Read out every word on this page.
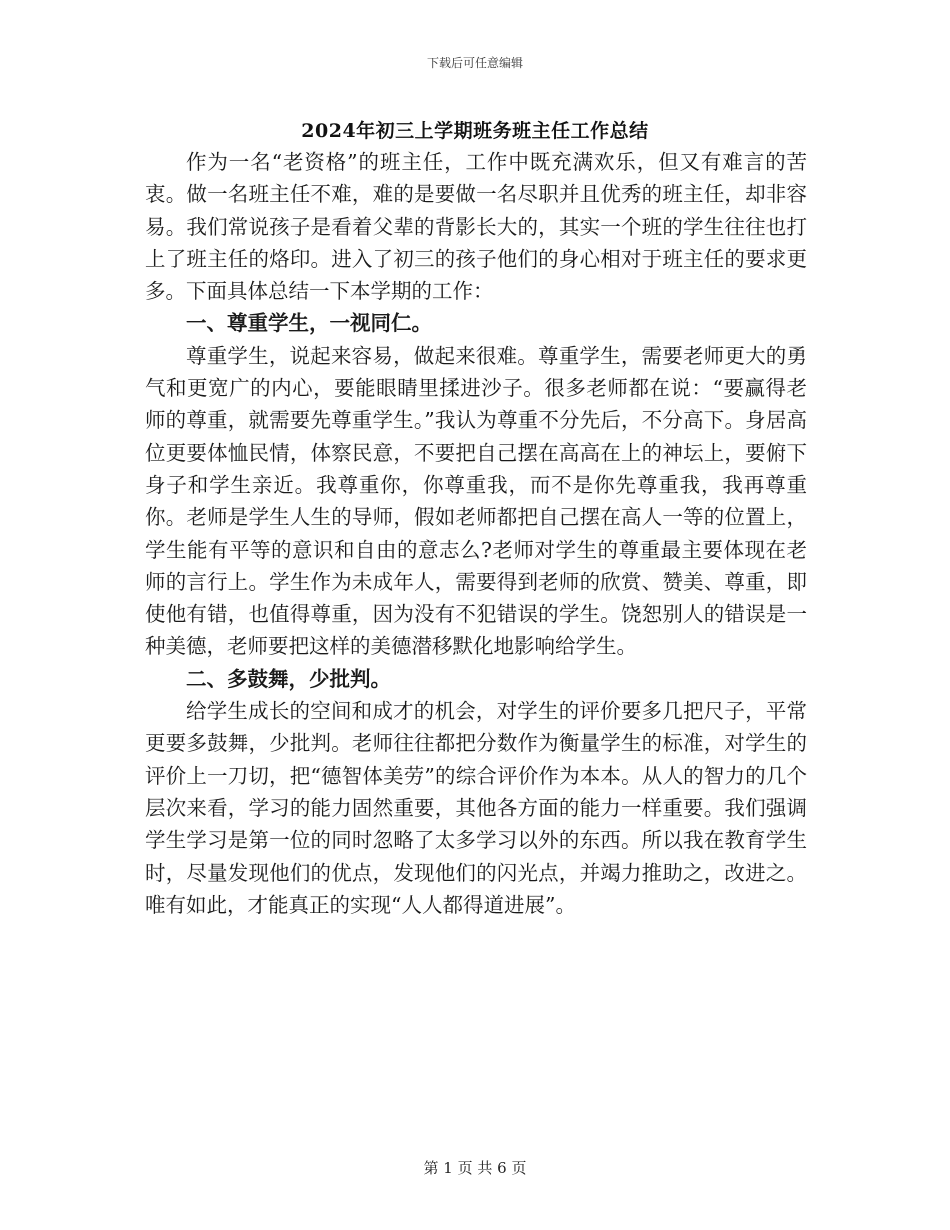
下载后可任意编辑
2024年初三上学期班务班主任工作总结

作为一名“老资格”的班主任，工作中既充满欢乐，但又有难言的苦衷。做一名班主任不难，难的是要做一名尽职并且优秀的班主任，却非容易。我们常说孩子是看着父辈的背影长大的，其实一个班的学生往往也打上了班主任的烙印。进入了初三的孩子他们的身心相对于班主任的要求更多。下面具体总结一下本学期的工作：

一、尊重学生，一视同仁。

尊重学生，说起来容易，做起来很难。尊重学生，需要老师更大的勇气和更宽广的内心，要能眼睛里揉进沙子。很多老师都在说：“要赢得老师的尊重，就需要先尊重学生。”我认为尊重不分先后，不分高下。身居高位更要体恤民情，体察民意，不要把自己摆在高高在上的神坛上，要俯下身子和学生亲近。我尊重你，你尊重我，而不是你先尊重我，我再尊重你。老师是学生人生的导师，假如老师都把自己摆在高人一等的位置上，学生能有平等的意识和自由的意志么?老师对学生的尊重最主要体现在老师的言行上。学生作为未成年人，需要得到老师的欣赏、赞美、尊重，即使他有错，也值得尊重，因为没有不犯错误的学生。饶恕别人的错误是一种美德，老师要把这样的美德潜移默化地影响给学生。

二、多鼓舞，少批判。

给学生成长的空间和成才的机会，对学生的评价要多几把尺子，平常更要多鼓舞，少批判。老师往往都把分数作为衡量学生的标准，对学生的评价上一刀切，把“德智体美劳”的综合评价作为本本。从人的智力的几个层次来看，学习的能力固然重要，其他各方面的能力一样重要。我们强调学生学习是第一位的同时忽略了太多学习以外的东西。所以我在教育学生时，尽量发现他们的优点，发现他们的闪光点，并竭力推助之，改进之。唯有如此，才能真正的实现“人人都得道进展”。

第 1 页 共 6 页
